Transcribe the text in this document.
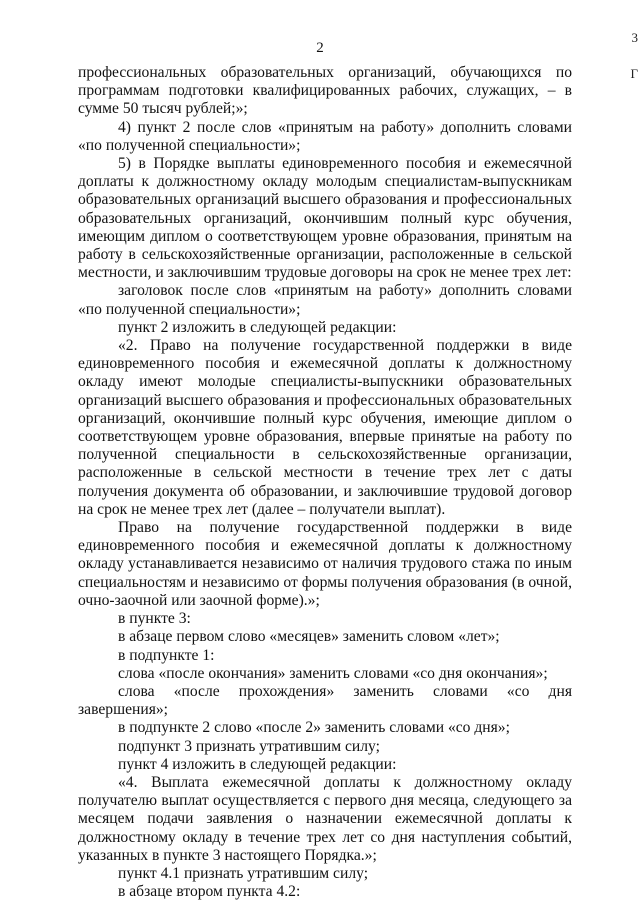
2
3
Г

профессиональных образовательных организаций, обучающихся по программам подготовки квалифицированных рабочих, служащих, – в сумме 50 тысяч рублей;»;

4) пункт 2 после слов «принятым на работу» дополнить словами «по полученной специальности»;

5) в Порядке выплаты единовременного пособия и ежемесячной доплаты к должностному окладу молодым специалистам-выпускникам образовательных организаций высшего образования и профессиональных образовательных организаций, окончившим полный курс обучения, имеющим диплом о соответствующем уровне образования, принятым на работу в сельскохозяйственные организации, расположенные в сельской местности, и заключившим трудовые договоры на срок не менее трех лет:

заголовок после слов «принятым на работу» дополнить словами «по полученной специальности»;

пункт 2 изложить в следующей редакции:

«2. Право на получение государственной поддержки в виде единовременного пособия и ежемесячной доплаты к должностному окладу имеют молодые специалисты-выпускники образовательных организаций высшего образования и профессиональных образовательных организаций, окончившие полный курс обучения, имеющие диплом о соответствующем уровне образования, впервые принятые на работу по полученной специальности в сельскохозяйственные организации, расположенные в сельской местности в течение трех лет с даты получения документа об образовании, и заключившие трудовой договор на срок не менее трех лет (далее – получатели выплат).

Право на получение государственной поддержки в виде единовременного пособия и ежемесячной доплаты к должностному окладу устанавливается независимо от наличия трудового стажа по иным специальностям и независимо от формы получения образования (в очной, очно-заочной или заочной форме).»;

в пункте 3:

в абзаце первом слово «месяцев» заменить словом «лет»;

в подпункте 1:

слова «после окончания» заменить словами «со дня окончания»;

слова «после прохождения» заменить словами «со дня завершения»;

в подпункте 2 слово «после 2» заменить словами «со дня»;

подпункт 3 признать утратившим силу;

пункт 4 изложить в следующей редакции:

«4. Выплата ежемесячной доплаты к должностному окладу получателю выплат осуществляется с первого дня месяца, следующего за месяцем подачи заявления о назначении ежемесячной доплаты к должностному окладу в течение трех лет со дня наступления событий, указанных в пункте 3 настоящего Порядка.»;

пункт 4.1 признать утратившим силу;

в абзаце втором пункта 4.2:
